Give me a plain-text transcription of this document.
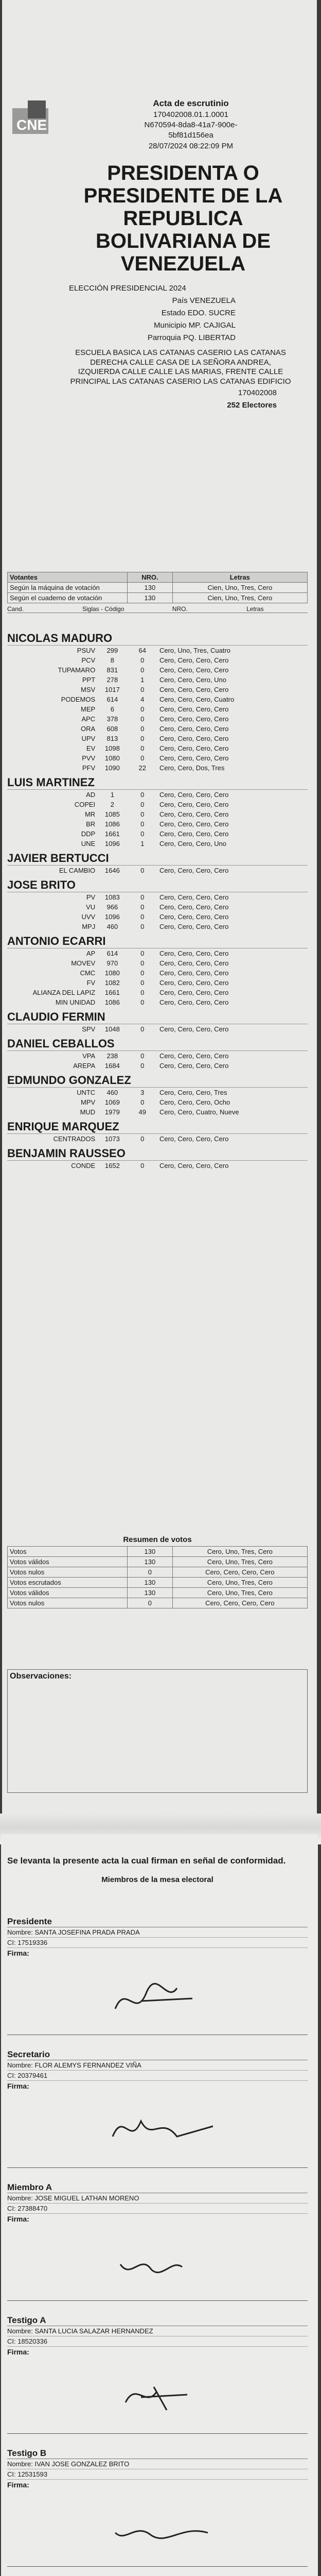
CNE
Acta de escrutinio
170402008.01.1.0001
N670594-8da8-41a7-900e-
5bf81d156ea
28/07/2024 08:22:09 PM
PRESIDENTA O PRESIDENTE DE LA REPUBLICA BOLIVARIANA DE VENEZUELA
ELECCIÓN PRESIDENCIAL 2024
País VENEZUELA
Estado EDO. SUCRE
Municipio MP. CAJIGAL
Parroquia PQ. LIBERTAD
ESCUELA BASICA LAS CATANAS CASERIO LAS CATANAS DERECHA CALLE CASA DE LA SEÑORA ANDREA, IZQUIERDA CALLE CALLE LAS MARIAS, FRENTE CALLE PRINCIPAL LAS CATANAS CASERIO LAS CATANAS EDIFICIO
170402008
252 Electores
Votantes	NRO.	Letras
Según la máquina de votación	130	Cien, Uno, Tres, Cero
Según el cuaderno de votación	130	Cien, Uno, Tres, Cero
Cand.	Siglas - Código	NRO.	Letras
NICOLAS MADURO
PSUV	299	64	Cero, Uno, Tres, Cuatro
PCV	8	0	Cero, Cero, Cero, Cero
TUPAMARO	831	0	Cero, Cero, Cero, Cero
PPT	278	1	Cero, Cero, Cero, Uno
MSV	1017	0	Cero, Cero, Cero, Cero
PODEMOS	614	4	Cero, Cero, Cero, Cuatro
MEP	6	0	Cero, Cero, Cero, Cero
APC	378	0	Cero, Cero, Cero, Cero
ORA	608	0	Cero, Cero, Cero, Cero
UPV	813	0	Cero, Cero, Cero, Cero
EV	1098	0	Cero, Cero, Cero, Cero
PVV	1080	0	Cero, Cero, Cero, Cero
PFV	1090	22	Cero, Cero, Dos, Tres
LUIS MARTINEZ
AD	1	0	Cero, Cero, Cero, Cero
COPEI	2	0	Cero, Cero, Cero, Cero
MR	1085	0	Cero, Cero, Cero, Cero
BR	1086	0	Cero, Cero, Cero, Cero
DDP	1661	0	Cero, Cero, Cero, Cero
UNE	1096	1	Cero, Cero, Cero, Uno
JAVIER BERTUCCI
EL CAMBIO	1646	0	Cero, Cero, Cero, Cero
JOSE BRITO
PV	1083	0	Cero, Cero, Cero, Cero
VU	966	0	Cero, Cero, Cero, Cero
UVV	1096	0	Cero, Cero, Cero, Cero
MPJ	460	0	Cero, Cero, Cero, Cero
ANTONIO ECARRI
AP	614	0	Cero, Cero, Cero, Cero
MOVEV	970	0	Cero, Cero, Cero, Cero
CMC	1080	0	Cero, Cero, Cero, Cero
FV	1082	0	Cero, Cero, Cero, Cero
ALIANZA DEL LAPIZ	1661	0	Cero, Cero, Cero, Cero
MIN UNIDAD	1086	0	Cero, Cero, Cero, Cero
CLAUDIO FERMIN
SPV	1048	0	Cero, Cero, Cero, Cero
DANIEL CEBALLOS
VPA	238	0	Cero, Cero, Cero, Cero
AREPA	1684	0	Cero, Cero, Cero, Cero
EDMUNDO GONZALEZ
UNTC	460	3	Cero, Cero, Cero, Tres
MPV	1069	0	Cero, Cero, Cero, Ocho
MUD	1979	49	Cero, Cero, Cuatro, Nueve
ENRIQUE MARQUEZ
CENTRADOS	1073	0	Cero, Cero, Cero, Cero
BENJAMIN RAUSSEO
CONDE	1652	0	Cero, Cero, Cero, Cero
Resumen de votos
Votos	130	Cero, Uno, Tres, Cero
Votos válidos	130	Cero, Uno, Tres, Cero
Votos nulos	0	Cero, Cero, Cero, Cero
Votos escrutados	130	Cero, Uno, Tres, Cero
Votos válidos	130	Cero, Uno, Tres, Cero
Votos nulos	0	Cero, Cero, Cero, Cero
Observaciones:
Se levanta la presente acta la cual firman en señal de conformidad.
Miembros de la mesa electoral
Presidente
Nombre: SANTA JOSEFINA PRADA PRADA
CI: 17519336
Firma:
Secretario
Nombre: FLOR ALEMYS FERNANDEZ VIÑA
CI: 20379461
Firma:
Miembro A
Nombre: JOSE MIGUEL LATHAN MORENO
CI: 27388470
Firma:
Testigo A
Nombre: SANTA LUCIA SALAZAR HERNANDEZ
CI: 18520336
Firma:
Testigo B
Nombre: IVAN JOSE GONZALEZ BRITO
CI: 12531593
Firma:
